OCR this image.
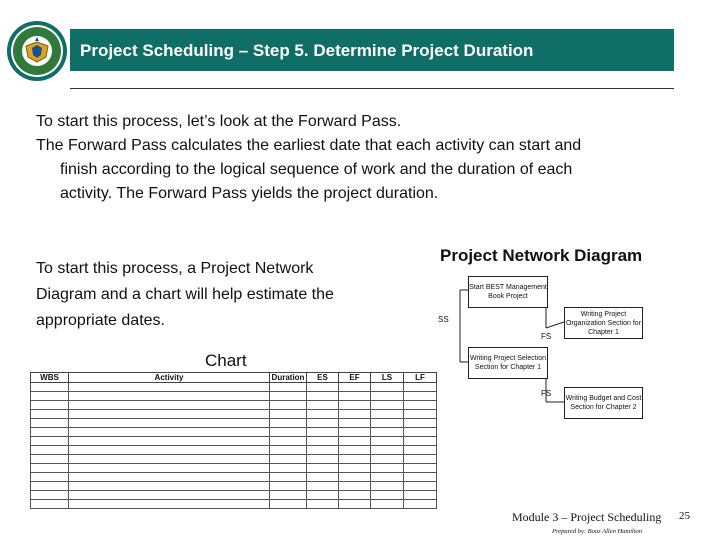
Project Scheduling – Step 5. Determine Project Duration
To start this process, let’s look at the Forward Pass.
The Forward Pass calculates the earliest date that each activity can start and
finish according to the logical sequence of work and the duration of each
activity. The Forward Pass yields the project duration.
To start this process, a Project Network
Diagram and a chart will help estimate the
appropriate dates.
Chart
Project Network Diagram
WBS	Activity	Duration	ES	EF	LS	LF

Start BEST Management Book Project
Writing Project Organization Section for Chapter 1
Writing Project Selection Section for Chapter 1
Writing Budget and Cost Section for Chapter 2
SS
FS
FS
Module 3 – Project Scheduling 25
Prepared by: Booz Allen Hamilton
